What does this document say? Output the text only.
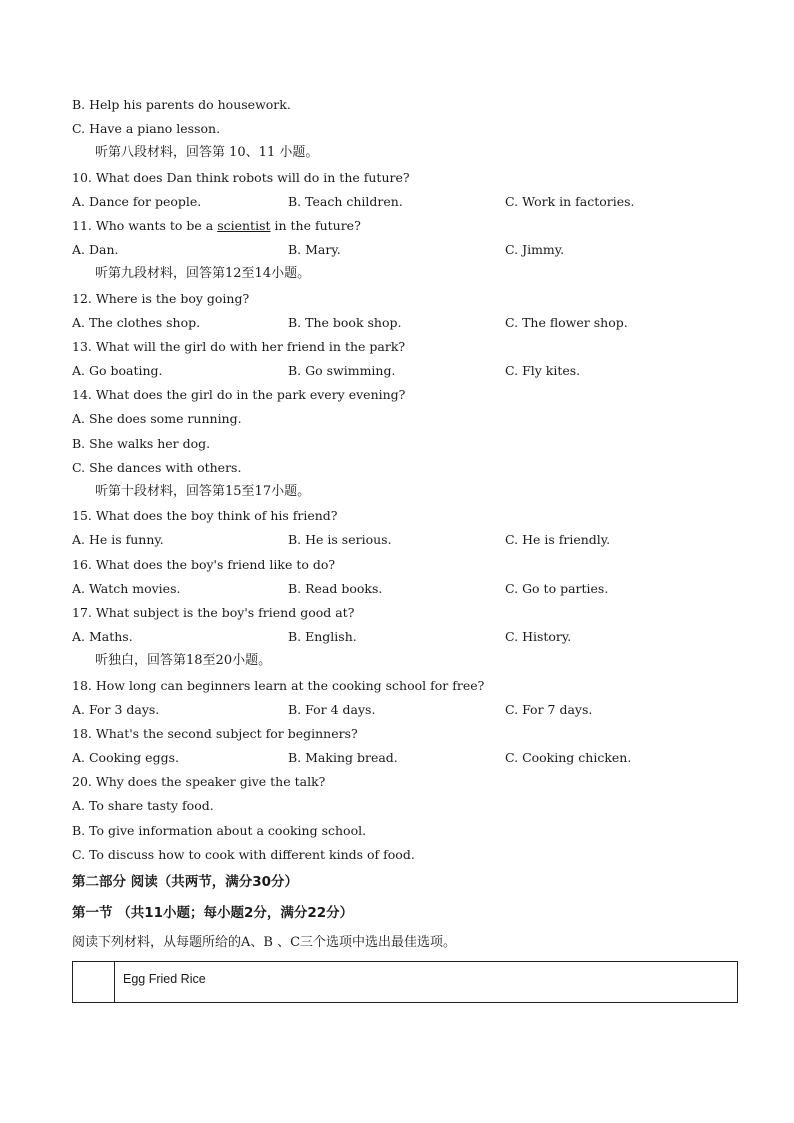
B. Help his parents do housework.
C. Have a piano lesson.
听第八段材料，回答第 10、11 小题。
10. What does Dan think robots will do in the future?
A. Dance for people.	B. Teach children.	C. Work in factories.
11. Who wants to be a scientist in the future?
A. Dan.	B. Mary.	C. Jimmy.
听第九段材料，回答第12至14小题。
12. Where is the boy going?
A. The clothes shop.	B. The book shop.	C. The flower shop.
13. What will the girl do with her friend in the park?
A. Go boating.	B. Go swimming.	C. Fly kites.
14. What does the girl do in the park every evening?
A. She does some running.
B. She walks her dog.
C. She dances with others.
听第十段材料，回答第15至17小题。
15. What does the boy think of his friend?
A. He is funny.	B. He is serious.	C. He is friendly.
16. What does the boy's friend like to do?
A. Watch movies.	B. Read books.	C. Go to parties.
17. What subject is the boy's friend good at?
A. Maths.	B. English.	C. History.
听独白，回答第18至20小题。
18. How long can beginners learn at the cooking school for free?
A. For 3 days.	B. For 4 days.	C. For 7 days.
18. What's the second subject for beginners?
A. Cooking eggs.	B. Making bread.	C. Cooking chicken.
20. Why does the speaker give the talk?
A. To share tasty food.
B. To give information about a cooking school.
C. To discuss how to cook with different kinds of food.
第二部分 阅读（共两节，满分30分）
第一节 （共11小题；每小题2分，满分22分）
阅读下列材料，从每题所给的A、B 、C三个选项中选出最佳选项。
Egg Fried Rice
